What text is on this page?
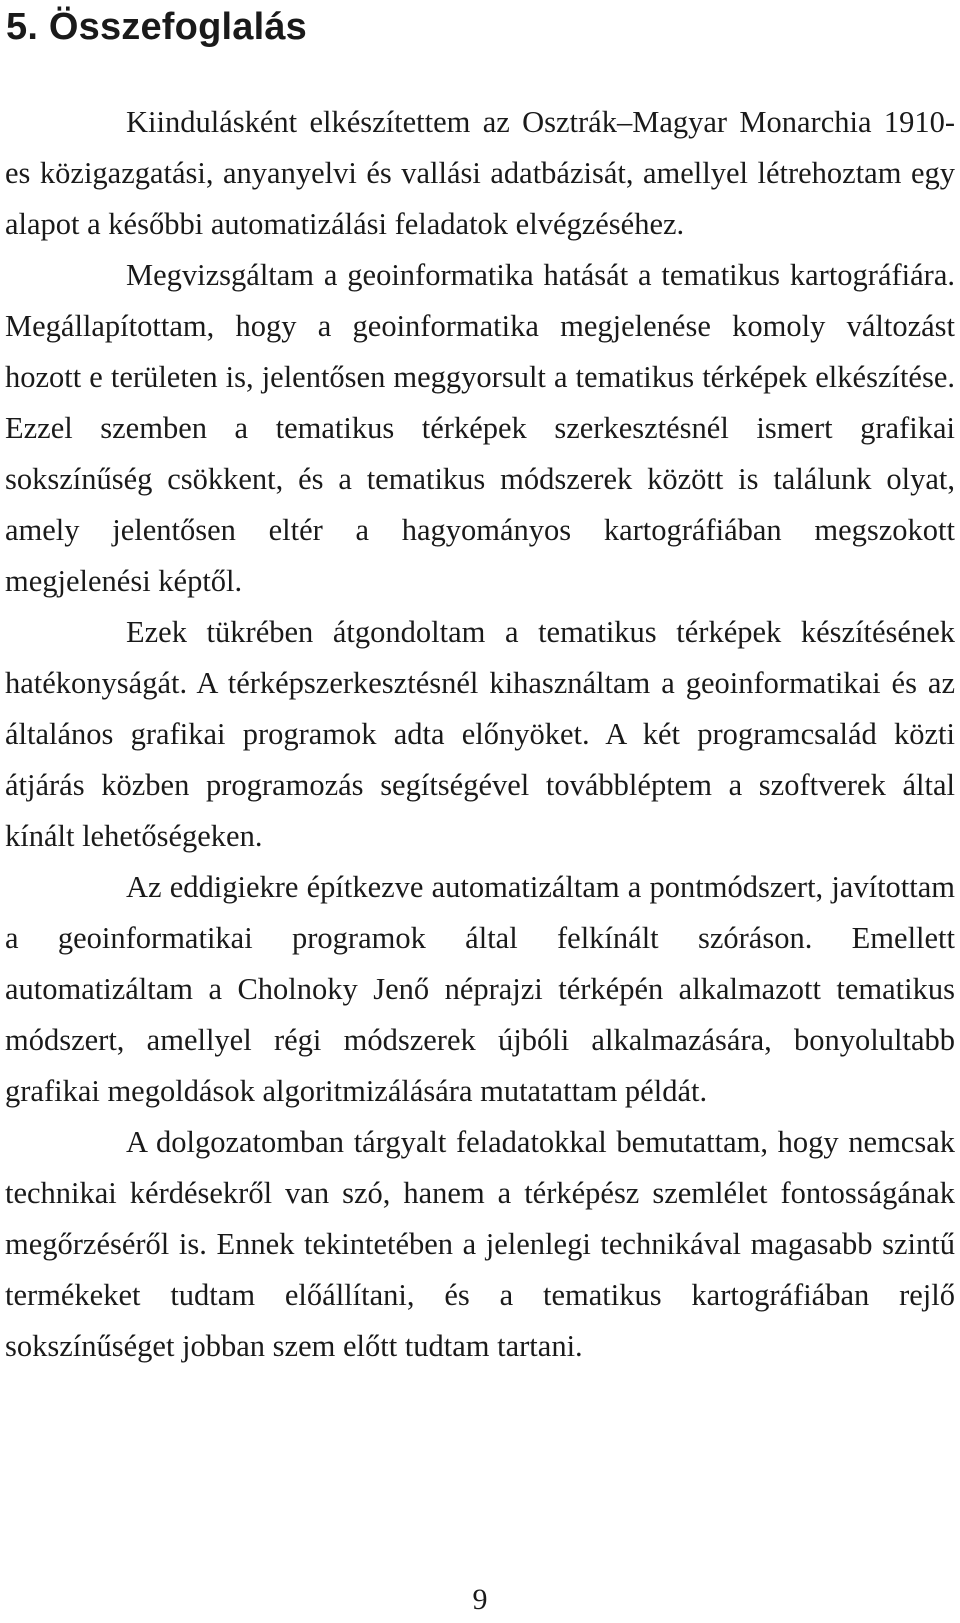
5. Összefoglalás

Kiindulásként elkészítettem az Osztrák–Magyar Monarchia 1910-es közigazgatási, anyanyelvi és vallási adatbázisát, amellyel létrehoztam egy alapot a későbbi automatizálási feladatok elvégzéséhez.

Megvizsgáltam a geoinformatika hatását a tematikus kartográfiára. Megállapítottam, hogy a geoinformatika megjelenése komoly változást hozott e területen is, jelentősen meggyorsult a tematikus térképek elkészítése. Ezzel szemben a tematikus térképek szerkesztésnél ismert grafikai sokszínűség csökkent, és a tematikus módszerek között is találunk olyat, amely jelentősen eltér a hagyományos kartográfiában megszokott megjelenési képtől.

Ezek tükrében átgondoltam a tematikus térképek készítésének hatékonyságát. A térképszerkesztésnél kihasználtam a geoinformatikai és az általános grafikai programok adta előnyöket. A két programcsalád közti átjárás közben programozás segítségével továbbléptem a szoftverek által kínált lehetőségeken.

Az eddigiekre építkezve automatizáltam a pontmódszert, javítottam a geoinformatikai programok által felkínált szóráson. Emellett automatizáltam a Cholnoky Jenő néprajzi térképén alkalmazott tematikus módszert, amellyel régi módszerek újbóli alkalmazására, bonyolultabb grafikai megoldások algoritmizálására mutatattam példát.

A dolgozatomban tárgyalt feladatokkal bemutattam, hogy nemcsak technikai kérdésekről van szó, hanem a térképész szemlélet fontosságának megőrzéséről is. Ennek tekintetében a jelenlegi technikával magasabb szintű termékeket tudtam előállítani, és a tematikus kartográfiában rejlő sokszínűséget jobban szem előtt tudtam tartani.

9
